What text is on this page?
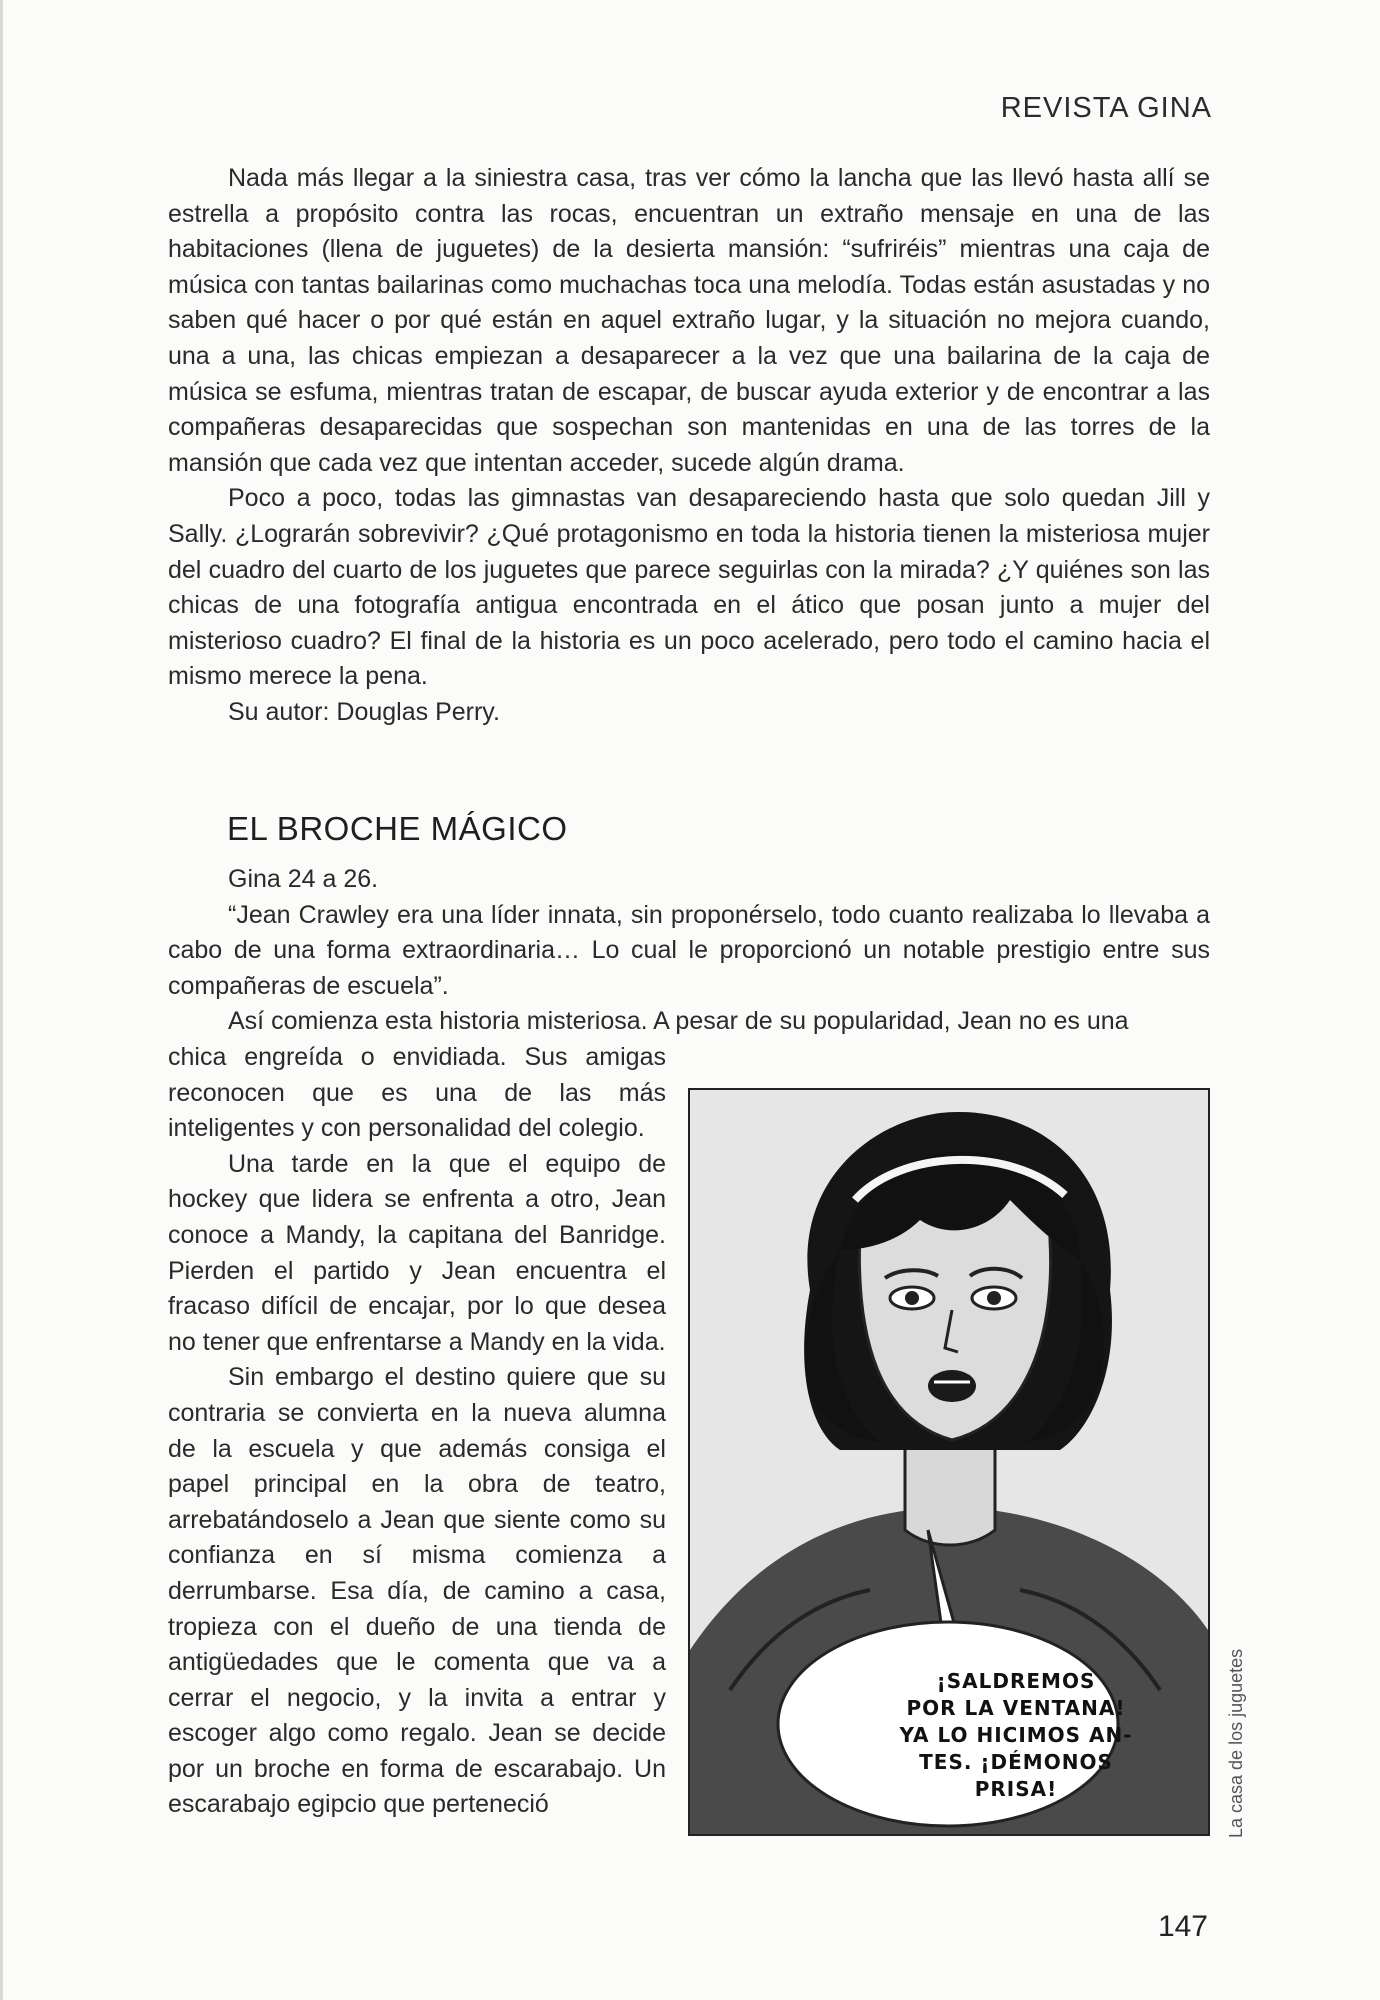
REVISTA GINA

Nada más llegar a la siniestra casa, tras ver cómo la lancha que las llevó hasta allí se estrella a propósito contra las rocas, encuentran un extraño mensaje en una de las habitaciones (llena de juguetes) de la desierta mansión: “sufriréis” mientras una caja de música con tantas bailarinas como muchachas toca una melodía. Todas están asustadas y no saben qué hacer o por qué están en aquel extraño lugar, y la situación no mejora cuando, una a una, las chicas empiezan a desaparecer a la vez que una bailarina de la caja de música se esfuma, mientras tratan de escapar, de buscar ayuda exterior y de encontrar a las compañeras desaparecidas que sospechan son mantenidas en una de las torres de la mansión que cada vez que intentan acceder, sucede algún drama.

Poco a poco, todas las gimnastas van desapareciendo hasta que solo quedan Jill y Sally. ¿Lograrán sobrevivir? ¿Qué protagonismo en toda la historia tienen la misteriosa mujer del cuadro del cuarto de los juguetes que parece seguirlas con la mirada? ¿Y quiénes son las chicas de una fotografía antigua encontrada en el ático que posan junto a mujer del misterioso cuadro? El final de la historia es un poco acelerado, pero todo el camino hacia el mismo merece la pena.

Su autor: Douglas Perry.

EL BROCHE MÁGICO

Gina 24 a 26.

“Jean Crawley era una líder innata, sin proponérselo, todo cuanto realizaba lo llevaba a cabo de una forma extraordinaria… Lo cual le proporcionó un notable prestigio entre sus compañeras de escuela”.

Así comienza esta historia misteriosa. A pesar de su popularidad, Jean no es una

chica engreída o envidiada. Sus amigas reconocen que es una de las más inteligentes y con personalidad del colegio.

Una tarde en la que el equipo de hockey que lidera se enfrenta a otro, Jean conoce a Mandy, la capitana del Banridge. Pierden el partido y Jean encuentra el fracaso difícil de encajar, por lo que desea no tener que enfrentarse a Mandy en la vida.

Sin embargo el destino quiere que su contraria se convierta en la nueva alumna de la escuela y que además consiga el papel principal en la obra de teatro, arrebatándoselo a Jean que siente como su confianza en sí misma comienza a derrumbarse. Esa día, de camino a casa, tropieza con el dueño de una tienda de antigüedades que le comenta que va a cerrar el negocio, y la invita a entrar y escoger algo como regalo. Jean se decide por un broche en forma de escarabajo. Un escarabajo egipcio que perteneció

¡SALDREMOS
POR LA VENTANA!
YA LO HICIMOS AN-
TES. ¡DÉMONOS
PRISA!	La casa de los juguetes
147
